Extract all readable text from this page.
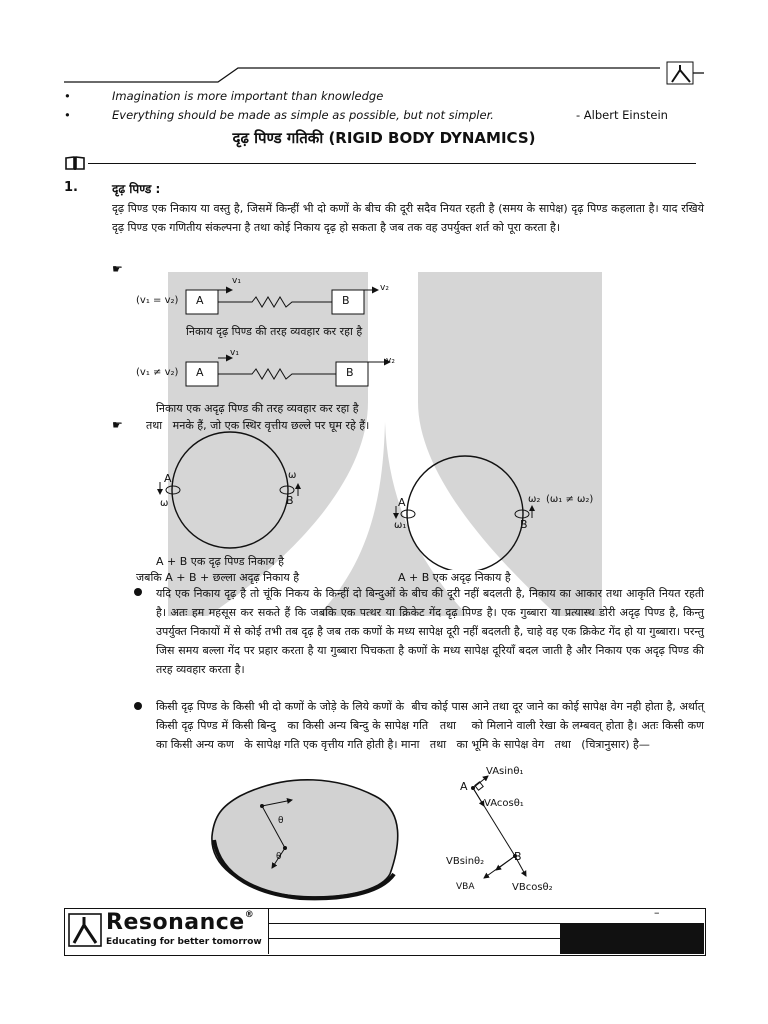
•	Imagination is more important than knowledge
•	Everything should be made as simple as possible, but not simpler.	- Albert Einstein
दृढ़ पिण्ड गतिकी (RIGID BODY DYNAMICS)
1.	दृढ़ पिण्ड :
दृढ़ पिण्ड एक निकाय या वस्तु है, जिसमें किन्हीं भी दो कणों के बीच की दूरी सदैव नियत रहती है (समय के सापेक्ष) दृढ़ पिण्ड कहलाता है। याद रखिये दृढ़ पिण्ड एक गणितीय संकल्पना है तथा कोई निकाय दृढ़ हो सकता है जब तक वह उपर्युक्त शर्त को पूरा करता है।
☛
(v₁ = v₂) A	B
v₁
v₂
निकाय दृढ़ पिण्ड की तरह व्यवहार कर रहा है
(v₁ ≠ v₂) A	B
v₁
v₂
निकाय एक अदृढ़ पिण्ड की तरह व्यवहार कर रहा है
☛ तथा   मनके हैं, जो एक स्थिर वृत्तीय छल्ले पर घूम रहे हैं।
A
ω	B
ω
A
ω₁	B
ω₂ (ω₁ ≠ ω₂)
A + B एक दृढ़ पिण्ड निकाय है
जबकि A + B + छल्ला अदृढ़ निकाय है	A + B एक अदृढ़ निकाय है
यदि एक निकाय दृढ़ है तो चूंकि निकय के किन्हीं दो बिन्दुओं के बीच की दूरी नहीं बदलती है, निकाय का आकार तथा आकृति नियत रहती है। अतः हम महसूस कर सकते हैं कि जबकि एक पत्थर या क्रिकेट गेंद दृढ़ पिण्ड है। एक गुब्बारा या प्रत्यास्थ डोरी अदृढ़ पिण्ड है, किन्तु उपर्युक्त निकायों में से कोई तभी तब दृढ़ है जब तक कणों के मध्य सापेक्ष दूरी नहीं बदलती है, चाहे वह एक क्रिकेट गेंद हो या गुब्बारा। परन्तु जिस समय बल्ला गेंद पर प्रहार करता है या गुब्बारा पिचकता है कणों के मध्य सापेक्ष दूरियाँ बदल जाती है और निकाय एक अदृढ़ पिण्ड की तरह व्यवहार करता है।
किसी दृढ़ पिण्ड के किसी भी दो कणों के जोड़े के लिये कणों के  बीच कोई पास आने तथा दूर जाने का कोई सापेक्ष वेग नही होता है, अर्थात् किसी दृढ़ पिण्ड में किसी बिन्दु   का किसी अन्य बिन्दु के सापेक्ष गति   तथा    को मिलाने वाली रेखा के लम्बवत् होता है। अतः किसी कण   का किसी अन्य कण   के सापेक्ष गति एक वृत्तीय गति होती है। माना   तथा   का भूमि के सापेक्ष वेग   तथा   (चित्रानुसार) है—
θ
θ
A
B
VAsinθ₁
VAcosθ₁
VBsinθ₂
VBcosθ₂
VBA
–
Resonance®
Educating for better tomorrow
